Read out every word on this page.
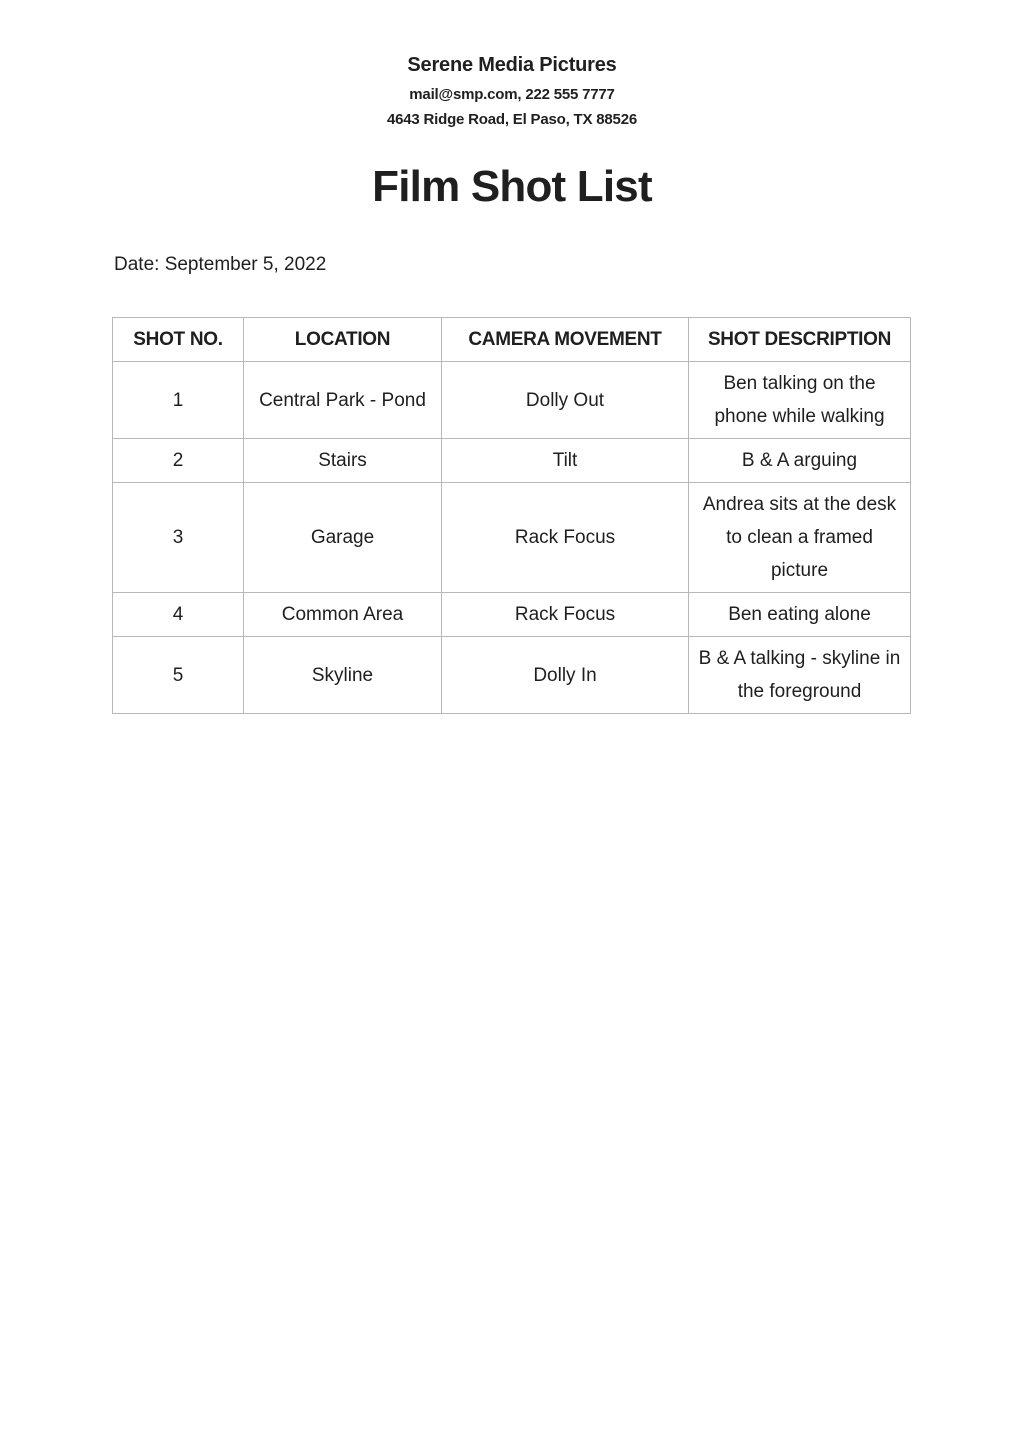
Serene Media Pictures
mail@smp.com, 222 555 7777
4643 Ridge Road, El Paso, TX 88526
Film Shot List
Date: September 5, 2022
SHOT NO.	LOCATION	CAMERA MOVEMENT	SHOT DESCRIPTION
1	Central Park - Pond	Dolly Out	Ben talking on the phone while walking
2	Stairs	Tilt	B & A arguing
3	Garage	Rack Focus	Andrea sits at the desk to clean a framed picture
4	Common Area	Rack Focus	Ben eating alone
5	Skyline	Dolly In	B & A talking - skyline in the foreground
